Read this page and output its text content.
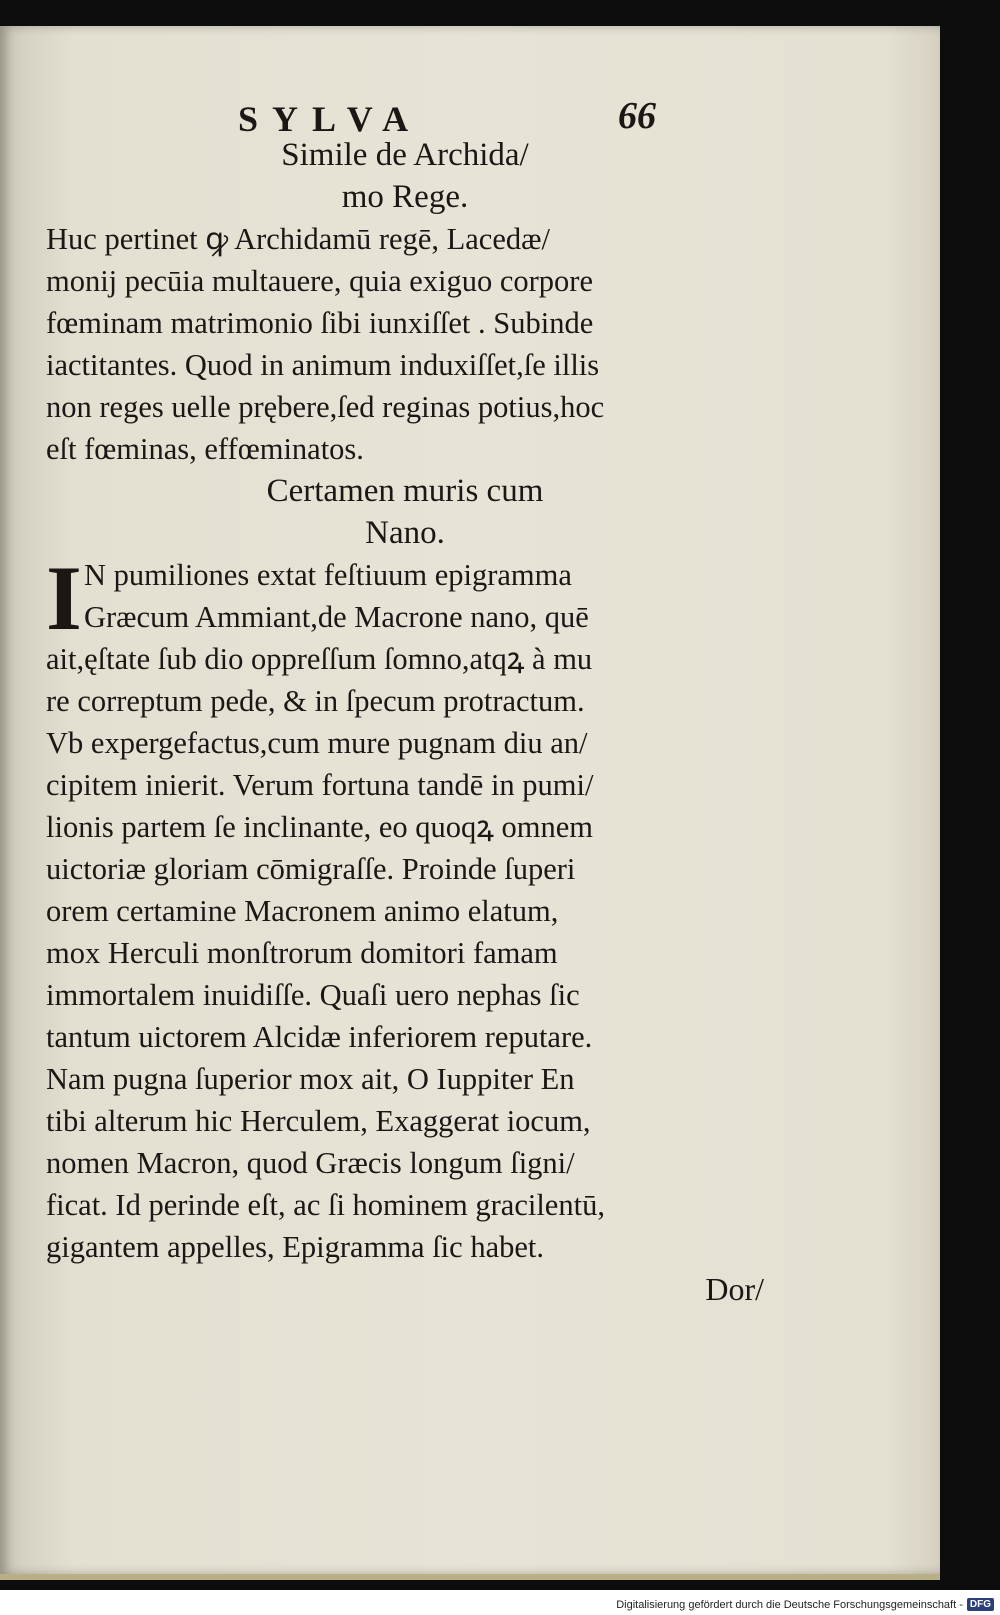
SYLVA	66

Simile de Archida/

mo Rege.

Huc pertinet ꝙ Archidamū regē, Lacedæ/
monĳ pecūia multauere, quia exiguo corpore
fœminam matrimonio ſibi iunxiſſet . Subinde
iactitantes. Quod in animum induxiſſet,ſe illis
non reges uelle prębere,ſed reginas potius,hoc
eſt fœminas, effœminatos.

Certamen muris cum

Nano.

I N pumiliones extat feſtiuum epigramma
Græcum Ammiant,de Macrone nano, quē
ait,ęſtate ſub dio oppreſſum ſomno,atqꝝ à mu
re correptum pede, & in ſpecum protractum.
Vb expergefactus,cum mure pugnam diu an/
cipitem inierit. Verum fortuna tandē in pumi/
lionis partem ſe inclinante, eo quoqꝝ omnem
uictoriæ gloriam cōmigraſſe. Proinde ſuperi
orem certamine Macronem animo elatum,
mox Herculi monſtrorum domitori famam
immortalem inuidiſſe. Quaſi uero nephas ſic
tantum uictorem Alcidæ inferiorem reputare.
Nam pugna ſuperior mox ait, O Iuppiter En
tibi alterum hic Herculem, Exaggerat iocum,
nomen Macron, quod Græcis longum ſigni/
ficat. Id perinde eſt, ac ſi hominem gracilentū,
gigantem appelles, Epigramma ſic habet.
Dor/
Digitalisierung gefördert durch die Deutsche Forschungsgemeinschaft - DFG
